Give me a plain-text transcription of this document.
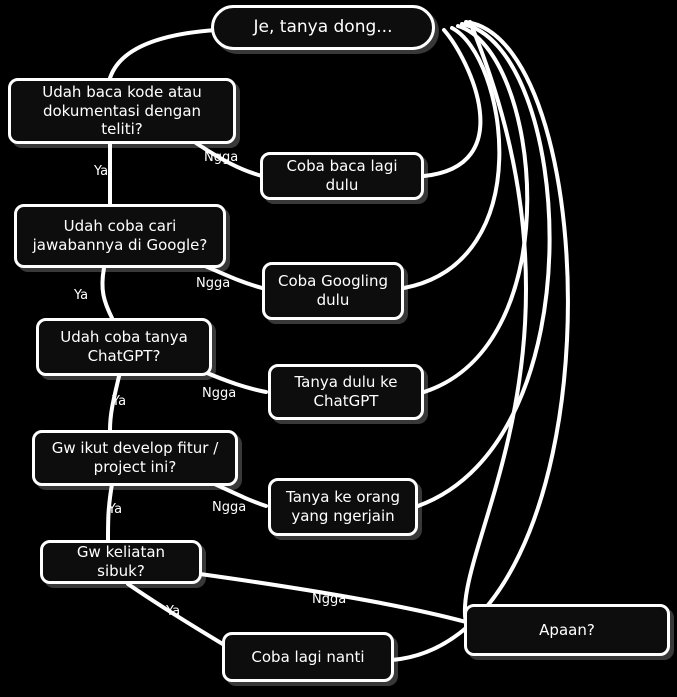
Je, tanya dong...
Udah baca kode atau dokumentasi dengan teliti?
Coba baca lagi dulu
Udah coba cari jawabannya di Google?
Coba Googling dulu
Udah coba tanya ChatGPT?
Tanya dulu ke ChatGPT
Gw ikut develop fitur / project ini?
Tanya ke orang yang ngerjain
Gw keliatan sibuk?
Coba lagi nanti
Apaan?
Ngga
Ya
Ngga
Ya
Ngga
Ya
Ngga
Ya
Ngga
Ya
